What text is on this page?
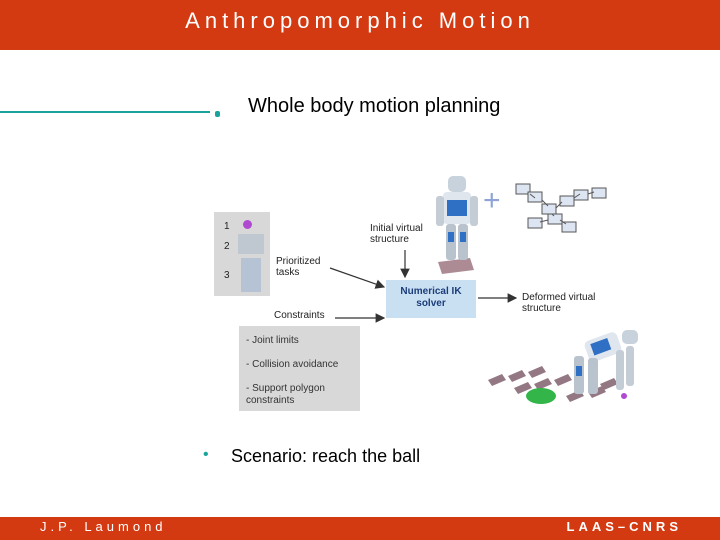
Anthropomorphic Motion
Whole body motion planning
1
2
3
Prioritized
tasks
Initial virtual
structure
Deformed virtual
structure
Constraints
Numerical IK
solver
- Joint limits
- Collision avoidance
- Support polygon
constraints
+
• Scenario: reach the ball
J.P. Laumond	LAAS–CNRS
